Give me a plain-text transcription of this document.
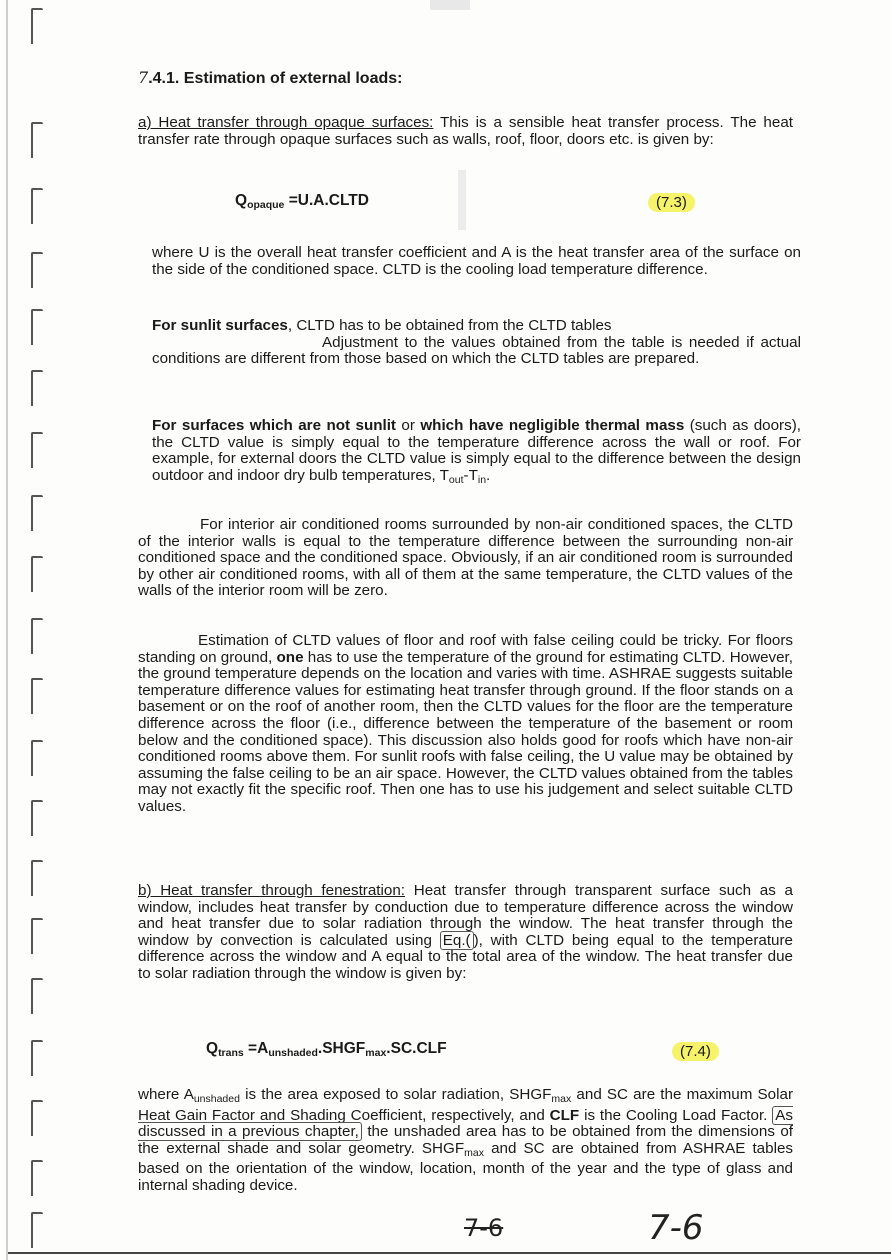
7.4.1. Estimation of external loads:

a) Heat transfer through opaque surfaces: This is a sensible heat transfer process. The heat transfer rate through opaque surfaces such as walls, roof, floor, doors etc. is given by:

$Q_{opaque}$ =U.A.CLTD	(7.3)

where U is the overall heat transfer coefficient and A is the heat transfer area of the surface on the side of the conditioned space. CLTD is the cooling load temperature difference.

For sunlit surfaces, CLTD has to be obtained from the CLTD tables

Adjustment to the values obtained from the table is needed if actual conditions are different from those based on which the CLTD tables are prepared.

For surfaces which are not sunlit or which have negligible thermal mass (such as doors), the CLTD value is simply equal to the temperature difference across the wall or roof. For example, for external doors the CLTD value is simply equal to the difference between the design outdoor and indoor dry bulb temperatures, $T_{out}-T_{in}$.

For interior air conditioned rooms surrounded by non-air conditioned spaces, the CLTD of the interior walls is equal to the temperature difference between the surrounding non-air conditioned space and the conditioned space. Obviously, if an air conditioned room is surrounded by other air conditioned rooms, with all of them at the same temperature, the CLTD values of the walls of the interior room will be zero.

Estimation of CLTD values of floor and roof with false ceiling could be tricky. For floors standing on ground, one has to use the temperature of the ground for estimating CLTD. However, the ground temperature depends on the location and varies with time. ASHRAE suggests suitable temperature difference values for estimating heat transfer through ground. If the floor stands on a basement or on the roof of another room, then the CLTD values for the floor are the temperature difference across the floor (i.e., difference between the temperature of the basement or room below and the conditioned space). This discussion also holds good for roofs which have non-air conditioned rooms above them. For sunlit roofs with false ceiling, the U value may be obtained by assuming the false ceiling to be an air space. However, the CLTD values obtained from the tables may not exactly fit the specific roof. Then one has to use his judgement and select suitable CLTD values.

b) Heat transfer through fenestration: Heat transfer through transparent surface such as a window, includes heat transfer by conduction due to temperature difference across the window and heat transfer due to solar radiation through the window. The heat transfer through the window by convection is calculated using Eq.( ), with CLTD being equal to the temperature difference across the window and A equal to the total area of the window. The heat transfer due to solar radiation through the window is given by:

$Q_{trans}$ $=A_{unshaded}.SHGF_{max}.SC.CLF$	(7.4)

where $A_{unshaded}$ is the area exposed to solar radiation, $SHGF_{max}$ and SC are the maximum Solar Heat Gain Factor and Shading Coefficient, respectively, and CLF is the Cooling Load Factor. As discussed in a previous chapter, the unshaded area has to be obtained from the dimensions of the external shade and solar geometry. $SHGF_{max}$ and SC are obtained from ASHRAE tables based on the orientation of the window, location, month of the year and the type of glass and internal shading device.

7-6	7-6
